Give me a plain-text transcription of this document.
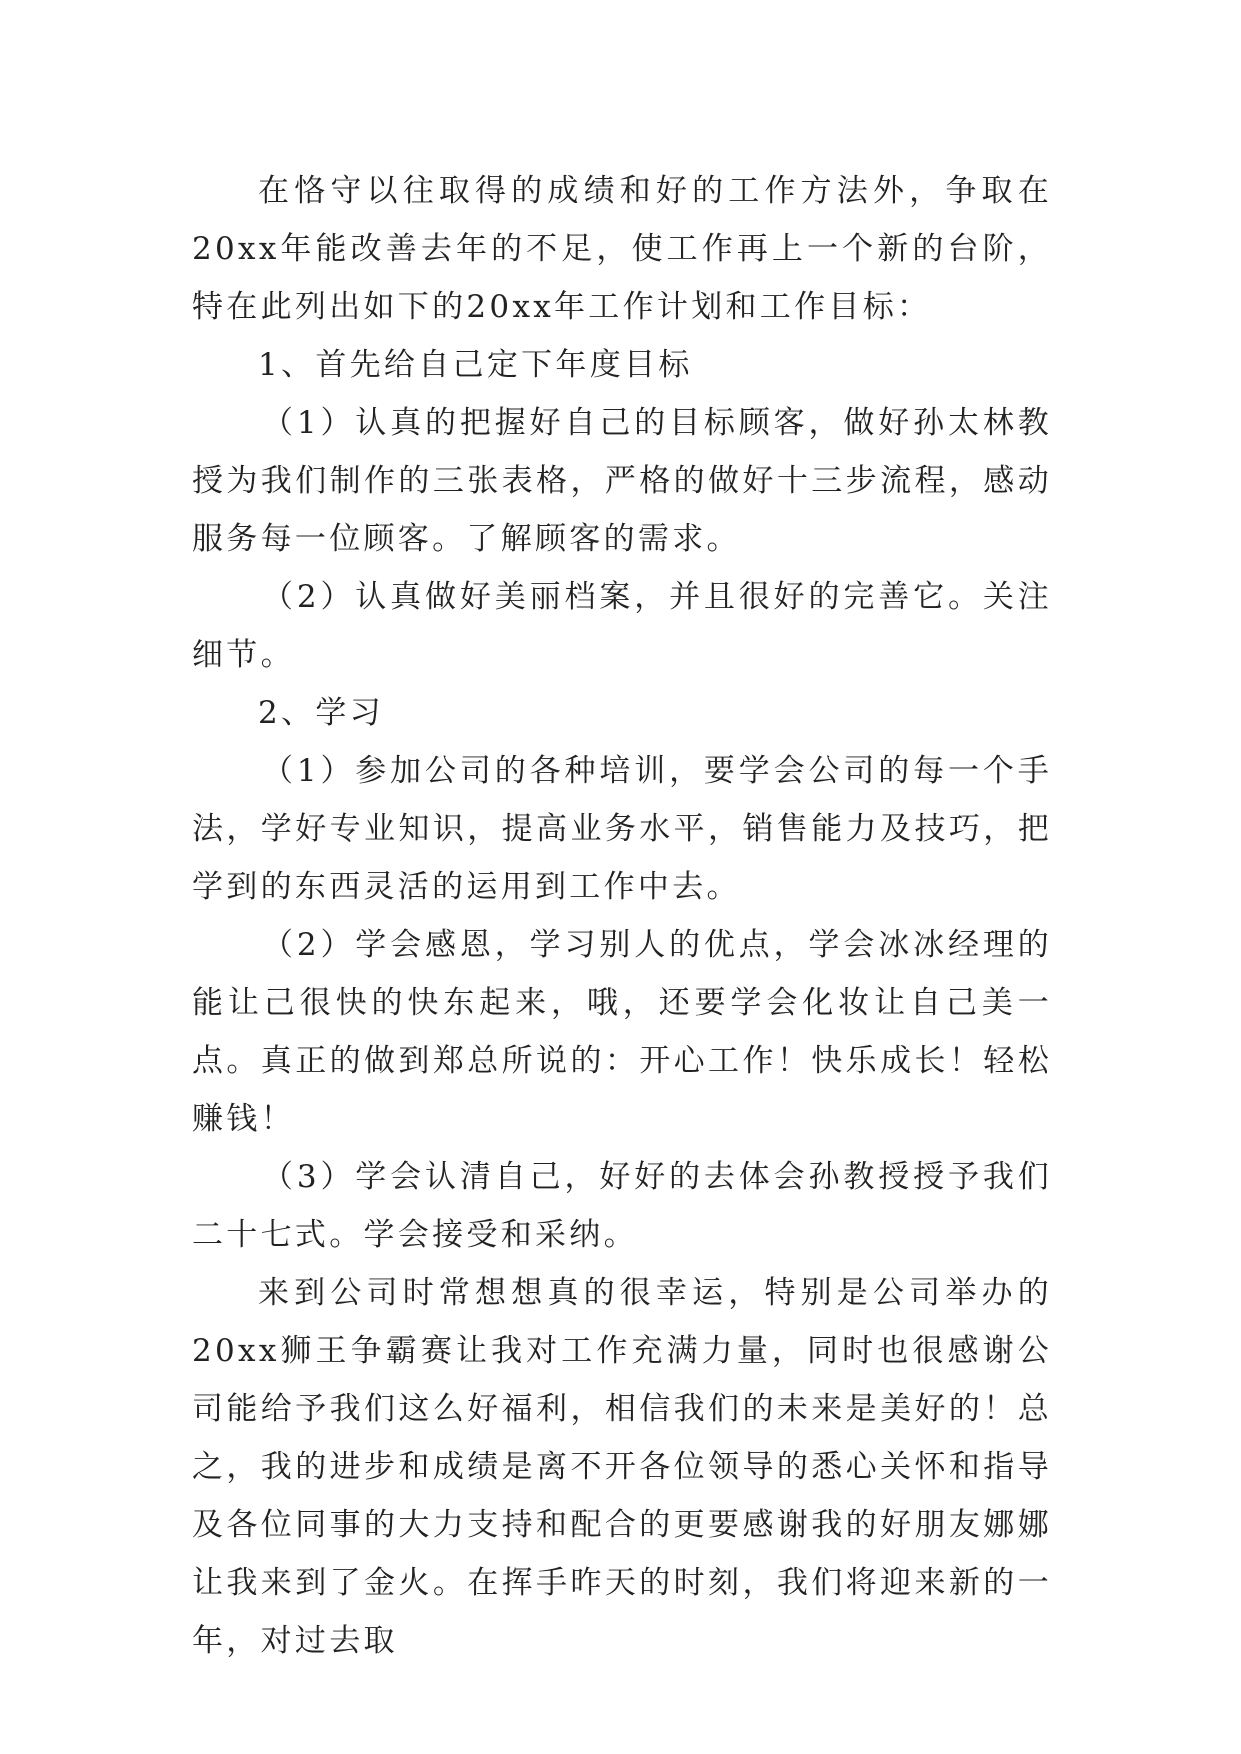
在恪守以往取得的成绩和好的工作方法外，争取在20xx年能改善去年的不足，使工作再上一个新的台阶，特在此列出如下的20xx年工作计划和工作目标：

1、首先给自己定下年度目标

（1）认真的把握好自己的目标顾客，做好孙太林教授为我们制作的三张表格，严格的做好十三步流程，感动服务每一位顾客。了解顾客的需求。

（2）认真做好美丽档案，并且很好的完善它。关注细节。

2、学习

（1）参加公司的各种培训，要学会公司的每一个手法，学好专业知识，提高业务水平，销售能力及技巧，把学到的东西灵活的运用到工作中去。

（2）学会感恩，学习别人的优点，学会冰冰经理的能让己很快的快东起来，哦，还要学会化妆让自己美一点。真正的做到郑总所说的：开心工作！快乐成长！轻松赚钱！

（3）学会认清自己，好好的去体会孙教授授予我们二十七式。学会接受和采纳。

来到公司时常想想真的很幸运，特别是公司举办的20xx狮王争霸赛让我对工作充满力量，同时也很感谢公司能给予我们这么好福利，相信我们的未来是美好的！总之，我的进步和成绩是离不开各位领导的悉心关怀和指导及各位同事的大力支持和配合的更要感谢我的好朋友娜娜让我来到了金火。在挥手昨天的时刻，我们将迎来新的一年，对过去取
